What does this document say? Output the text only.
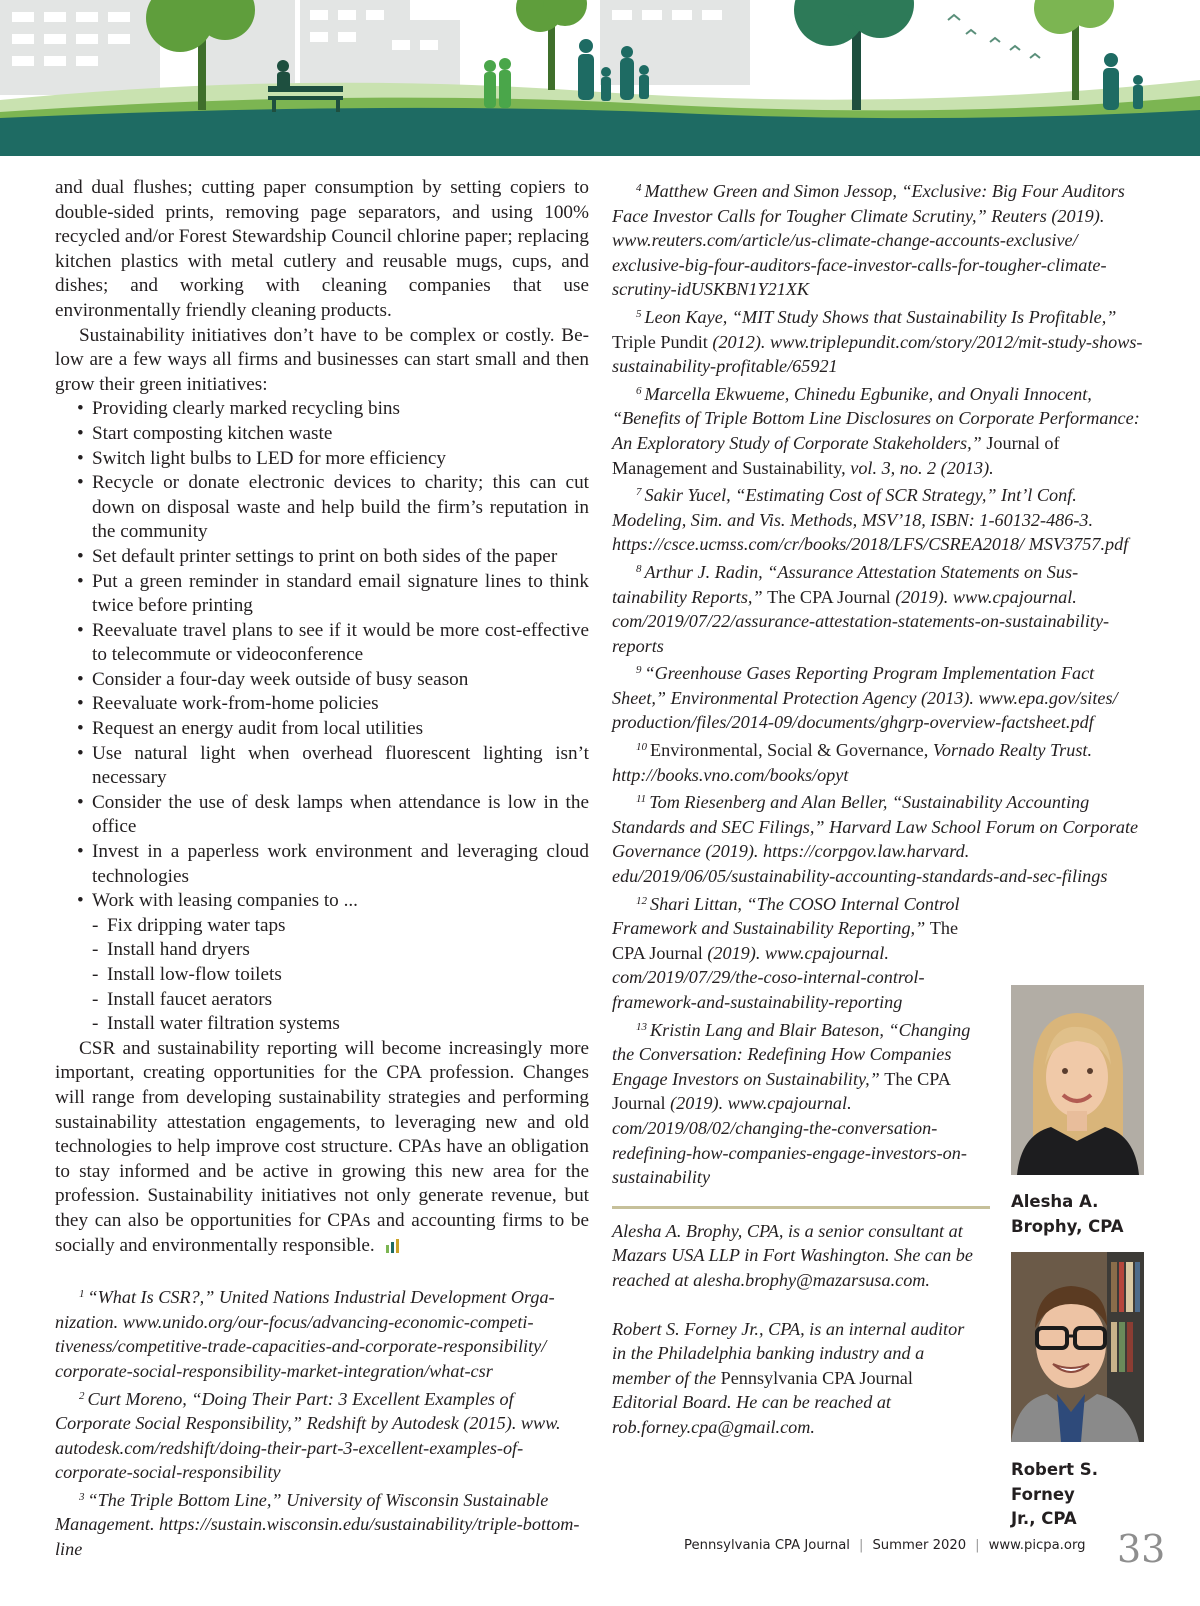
and dual flushes; cutting paper consumption by setting copiers to double-sided prints, removing page separators, and using 100% recycled and/or Forest Stewardship Council chlorine paper; replacing kitchen plastics with metal cutlery and reusable mugs, cups, and dishes; and working with cleaning companies that use environmentally friendly cleaning products.

Sustainability initiatives don’t have to be complex or costly. Below are a few ways all firms and businesses can start small and then grow their green initiatives:

• Providing clearly marked recycling bins
• Start composting kitchen waste
• Switch light bulbs to LED for more efficiency
• Recycle or donate electronic devices to charity; this can cut down on disposal waste and help build the firm’s reputation in the community
• Set default printer settings to print on both sides of the paper
• Put a green reminder in standard email signature lines to think twice before printing
• Reevaluate travel plans to see if it would be more cost-effective to telecommute or videoconference
• Consider a four-day week outside of busy season
• Reevaluate work-from-home policies
• Request an energy audit from local utilities
• Use natural light when overhead fluorescent lighting isn’t necessary
• Consider the use of desk lamps when attendance is low in the office
• Invest in a paperless work environment and leveraging cloud technologies
• Work with leasing companies to ...
- Fix dripping water taps
- Install hand dryers
- Install low-flow toilets
- Install faucet aerators
- Install water filtration systems

CSR and sustainability reporting will become increasingly more important, creating opportunities for the CPA profession. Changes will range from developing sustainability strategies and performing sustainability attestation engagements, to leveraging new and old technologies to help improve cost structure. CPAs have an obligation to stay informed and be active in growing this new area for the profession. Sustainability initiatives not only generate revenue, but they can also be opportunities for CPAs and accounting firms to be socially and environmentally responsible.

$^1$ “What Is CSR?,” United Nations Industrial Development Organization. www.unido.org/our-focus/advancing-economic-competitiveness/competitive-trade-capacities-and-corporate-responsibility/ corporate-social-responsibility-market-integration/what-csr

$^2$ Curt Moreno, “Doing Their Part: 3 Excellent Examples of Corporate Social Responsibility,” Redshift by Autodesk (2015). www. autodesk.com/redshift/doing-their-part-3-excellent-examples-of-corporate-social-responsibility

$^3$ “The Triple Bottom Line,” University of Wisconsin Sustainable Management. https://sustain.wisconsin.edu/sustainability/triple-bottom-line

$^4$ Matthew Green and Simon Jessop, “Exclusive: Big Four Auditors Face Investor Calls for Tougher Climate Scrutiny,” Reuters (2019). www.reuters.com/article/us-climate-change-accounts-exclusive/ exclusive-big-four-auditors-face-investor-calls-for-tougher-climate-scrutiny-idUSKBN1Y21XK

$^5$ Leon Kaye, “MIT Study Shows that Sustainability Is Profitable,” Triple Pundit (2012). www.triplepundit.com/story/2012/mit-study-shows-sustainability-profitable/65921

$^6$ Marcella Ekwueme, Chinedu Egbunike, and Onyali Innocent, “Benefits of Triple Bottom Line Disclosures on Corporate Performance: An Exploratory Study of Corporate Stakeholders,” Journal of Management and Sustainability, vol. 3, no. 2 (2013).

$^7$ Sakir Yucel, “Estimating Cost of SCR Strategy,” Int’l Conf. Modeling, Sim. and Vis. Methods, MSV’18, ISBN: 1-60132-486-3. https://csce.ucmss.com/cr/books/2018/LFS/CSREA2018/ MSV3757.pdf

$^8$ Arthur J. Radin, “Assurance Attestation Statements on Sustainability Reports,” The CPA Journal (2019). www.cpajournal. com/2019/07/22/assurance-attestation-statements-on-sustainability-reports

$^9$ “Greenhouse Gases Reporting Program Implementation Fact Sheet,” Environmental Protection Agency (2013). www.epa.gov/sites/ production/files/2014-09/documents/ghgrp-overview-factsheet.pdf

$^{10}$ Environmental, Social & Governance, Vornado Realty Trust. http://books.vno.com/books/opyt

$^{11}$ Tom Riesenberg and Alan Beller, “Sustainability Accounting Standards and SEC Filings,” Harvard Law School Forum on Corporate Governance (2019). https://corpgov.law.harvard. edu/2019/06/05/sustainability-accounting-standards-and-sec-filings

$^{12}$ Shari Littan, “The COSO Internal Control Framework and Sustainability Reporting,” The CPA Journal (2019). www.cpajournal. com/2019/07/29/the-coso-internal-control-framework-and-sustainability-reporting

$^{13}$ Kristin Lang and Blair Bateson, “Changing the Conversation: Redefining How Companies Engage Investors on Sustainability,” The CPA Journal (2019). www.cpajournal. com/2019/08/02/changing-the-conversation-redefining-how-companies-engage-investors-on-sustainability

Alesha A. Brophy, CPA, is a senior consultant at Mazars USA LLP in Fort Washington. She can be reached at alesha.brophy@mazarsusa.com.

Robert S. Forney Jr., CPA, is an internal auditor in the Philadelphia banking industry and a member of the Pennsylvania CPA Journal Editorial Board. He can be reached at rob.forney.cpa@gmail.com.

Alesha A.
Brophy, CPA
Robert S. Forney
Jr., CPA
Pennsylvania CPA Journal | Summer 2020 | www.picpa.org 33
